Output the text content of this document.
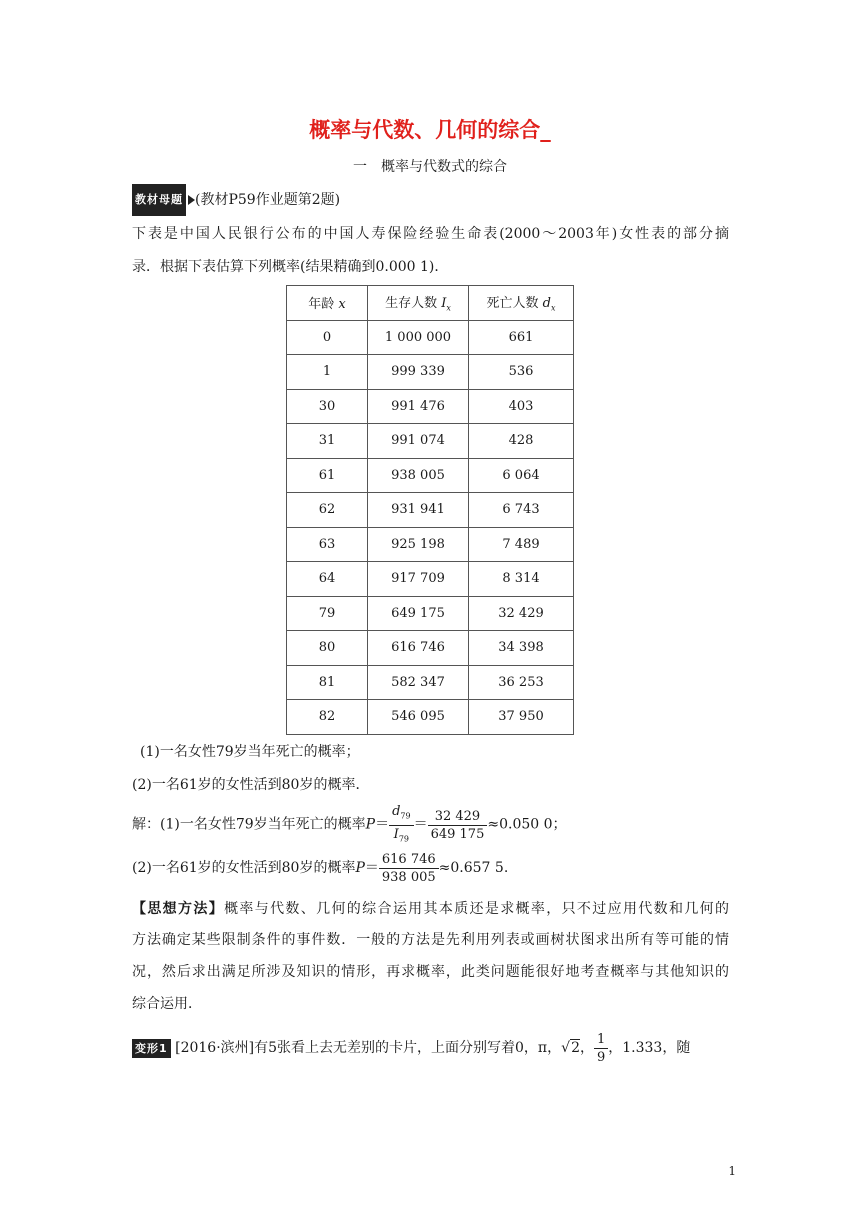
概率与代数、几何的综合_
一　概率与代数式的综合
教材母题 (教材P59作业题第2题)
下表是中国人民银行公布的中国人寿保险经验生命表(2000～2003年)女性表的部分摘
录．根据下表估算下列概率(结果精确到0.000 1)．
年龄 x	生存人数 $I_x$	死亡人数 $d_x$
0	1 000 000	661
1	999 339	536
30	991 476	403
31	991 074	428
61	938 005	6 064
62	931 941	6 743
63	925 198	7 489
64	917 709	8 314
79	649 175	32 429
80	616 746	34 398
81	582 347	36 253
82	546 095	37 950
(1)一名女性79岁当年死亡的概率；
(2)一名61岁的女性活到80岁的概率．
解：(1)一名女性79岁当年死亡的概率$P= \frac{d_{79}}{I_{79}} = \frac{32 429}{649 175} \approx 0.050$ 0；
(2)一名61岁的女性活到80岁的概率$P= \frac{616 746}{938 005} \approx 0.657$ 5.
【思想方法】概率与代数、几何的综合运用其本质还是求概率，只不过应用代数和几何的
方法确定某些限制条件的事件数．一般的方法是先利用列表或画树状图求出所有等可能的情
况，然后求出满足所涉及知识的情形，再求概率，此类问题能很好地考查概率与其他知识的
综合运用．
变形1 [2016·滨州]有5张看上去无差别的卡片，上面分别写着0，π，√2， $\frac{1}{9}$ ，1.333，随
1
